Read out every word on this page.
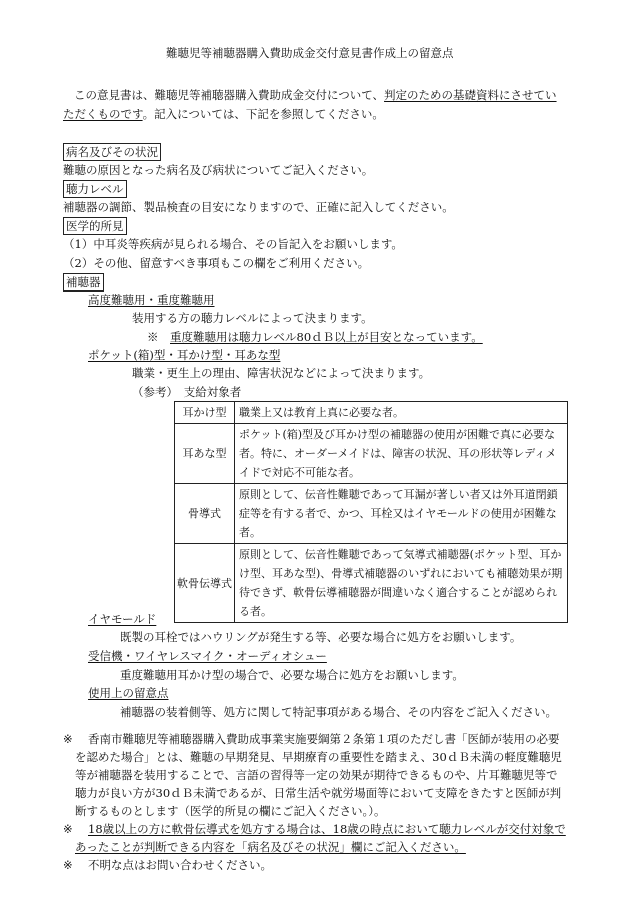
難聴児等補聴器購入費助成金交付意見書作成上の留意点
この意見書は、難聴児等補聴器購入費助成金交付について、判定のための基礎資料にさせてい
ただくものです。記入については、下記を参照してください。
病名及びその状況
難聴の原因となった病名及び病状についてご記入ください。
聴力レベル
補聴器の調節、製品検査の目安になりますので、正確に記入してください。
医学的所見
（1）中耳炎等疾病が見られる場合、その旨記入をお願いします。
（2）その他、留意すべき事項もこの欄をご利用ください。
補聴器
高度難聴用・重度難聴用
装用する方の聴力レベルによって決まります。
※　 重度難聴用は聴力レベル80ｄＢ以上が目安となっています。
ポケット(箱)型・耳かけ型・耳あな型
職業・更生上の理由、障害状況などによって決まります。
（参考）　支給対象者
耳かけ型	職業上又は教育上真に必要な者。
耳あな型	ポケット(箱)型及び耳かけ型の補聴器の使用が困難で真に必要な者。特に、オーダーメイドは、障害の状況、耳の形状等レディメイドで対応不可能な者。
骨導式	原則として、伝音性難聴であって耳漏が著しい者又は外耳道閉鎖症等を有する者で、かつ、耳栓又はイヤモールドの使用が困難な者。
軟骨伝導式	原則として、伝音性難聴であって気導式補聴器(ポケット型、耳かけ型、耳あな型)、骨導式補聴器のいずれにおいても補聴効果が期待できず、軟骨伝導補聴器が間違いなく適合することが認められる者。
イヤモールド
既製の耳栓ではハウリングが発生する等、必要な場合に処方をお願いします。
受信機・ワイヤレスマイク・オーディオシュー
重度難聴用耳かけ型の場合で、必要な場合に処方をお願いします。
使用上の留意点
補聴器の装着側等、処方に関して特記事項がある場合、その内容をご記入ください。
※ 香南市難聴児等補聴器購入費助成事業実施要綱第２条第１項のただし書「医師が装用の必要
を認めた場合」とは、難聴の早期発見、早期療育の重要性を踏まえ、30ｄＢ未満の軽度難聴児
等が補聴器を装用することで、言語の習得等一定の効果が期待できるものや、片耳難聴児等で
聴力が良い方が30ｄＢ未満であるが、日常生活や就労場面等において支障をきたすと医師が判
断するものとします（医学的所見の欄にご記入ください。）。
※ 18歳以上の方に軟骨伝導式を処方する場合は、18歳の時点において聴力レベルが交付対象で
あったことが判断できる内容を「病名及びその状況」欄にご記入ください。
※ 不明な点はお問い合わせください。
